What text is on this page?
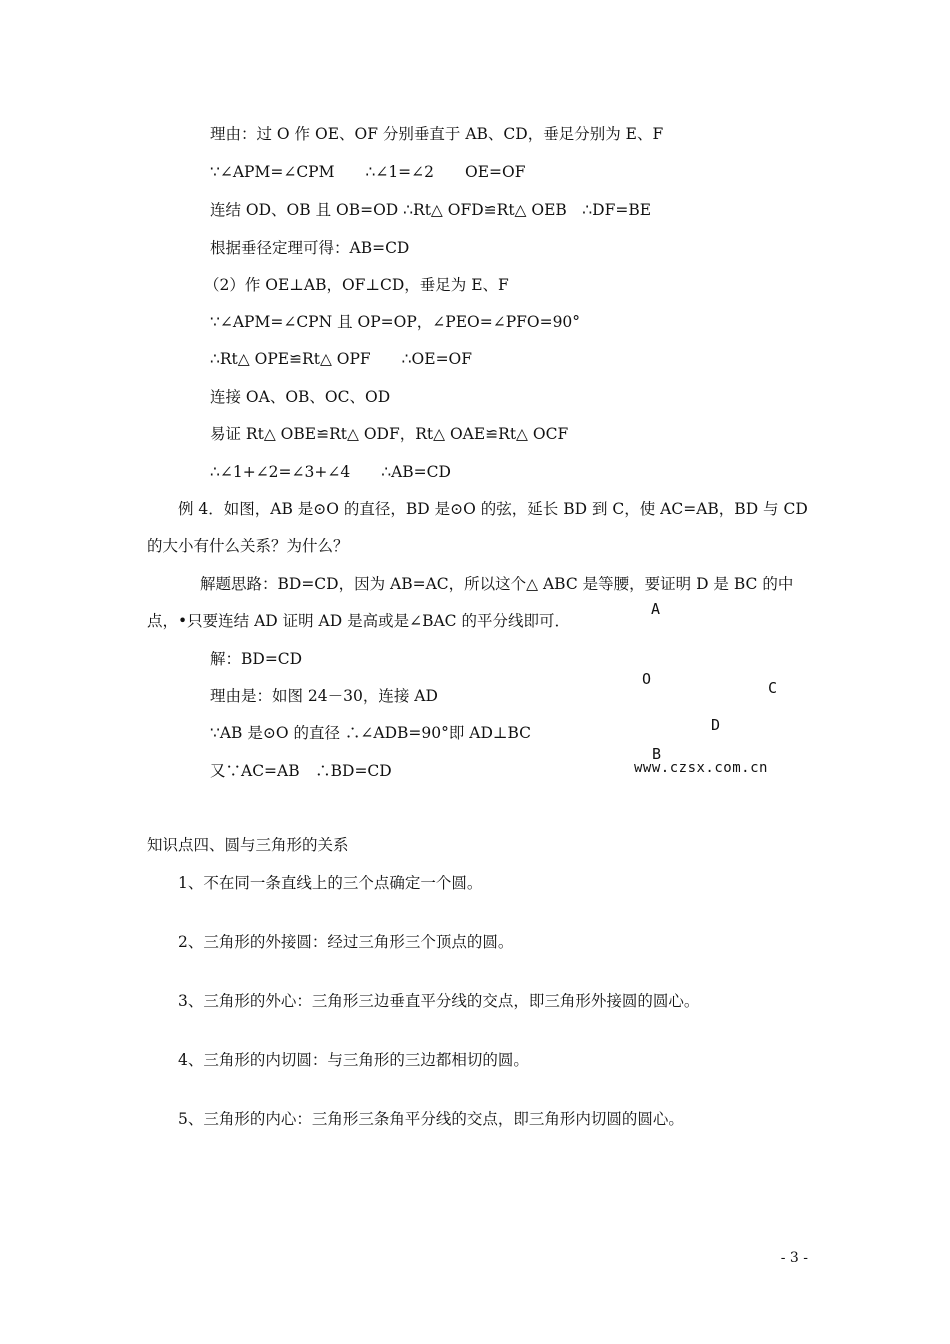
理由：过 O 作 OE、OF 分别垂直于 AB、CD，垂足分别为 E、F
∵∠APM=∠CPM　　∴∠1=∠2　　OE=OF
连结 OD、OB 且 OB=OD ∴Rt△ OFD≌Rt△ OEB　∴DF=BE
根据垂径定理可得：AB=CD
（2）作 OE⊥AB，OF⊥CD，垂足为 E、F
∵∠APM=∠CPN 且 OP=OP，∠PEO=∠PFO=90°
∴Rt△ OPE≌Rt△ OPF　　∴OE=OF
连接 OA、OB、OC、OD
易证 Rt△ OBE≌Rt△ ODF，Rt△ OAE≌Rt△ OCF
∴∠1+∠2=∠3+∠4　　∴AB=CD
例 4．如图，AB 是⊙O 的直径，BD 是⊙O 的弦，延长 BD 到 C，使 AC=AB，BD 与 CD
的大小有什么关系？为什么？
解题思路：BD=CD，因为 AB=AC，所以这个△ ABC 是等腰，要证明 D 是 BC 的中
点，•只要连结 AD 证明 AD 是高或是∠BAC 的平分线即可．
解：BD=CD
理由是：如图 24－30，连接 AD
∵AB 是⊙O 的直径 ∴∠ADB=90°即 AD⊥BC
又∵AC=AB　∴BD=CD
A
O	C
D
B
www.czsx.com.cn
知识点四、圆与三角形的关系
1、不在同一条直线上的三个点确定一个圆。
2、三角形的外接圆：经过三角形三个顶点的圆。
3、三角形的外心：三角形三边垂直平分线的交点，即三角形外接圆的圆心。
4、三角形的内切圆：与三角形的三边都相切的圆。
5、三角形的内心：三角形三条角平分线的交点，即三角形内切圆的圆心。
- 3 -
